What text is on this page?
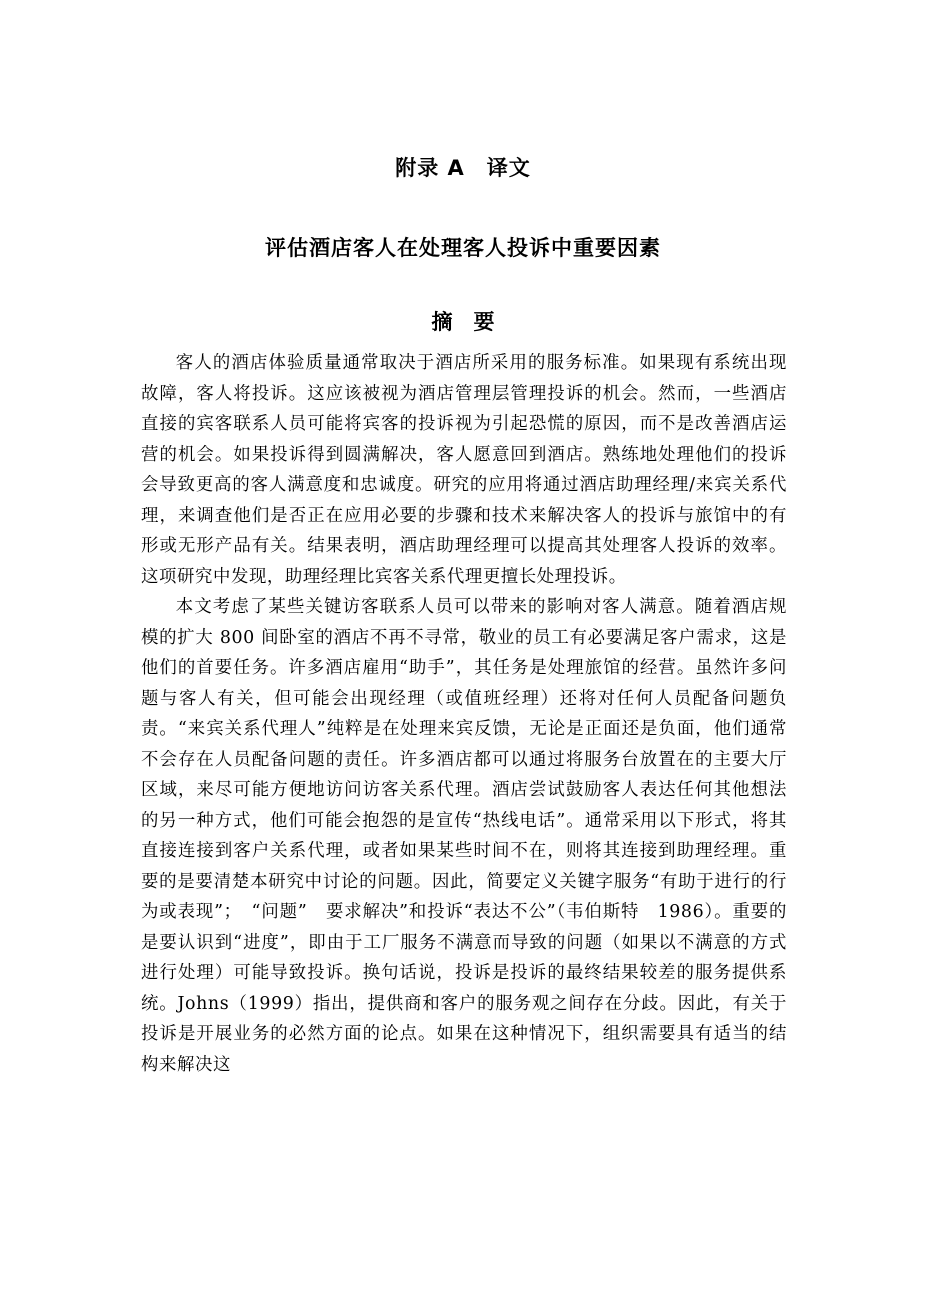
附录 A　译文
评估酒店客人在处理客人投诉中重要因素
摘　要

客人的酒店体验质量通常取决于酒店所采用的服务标准。如果现有系统出现故障，客人将投诉。这应该被视为酒店管理层管理投诉的机会。然而，一些酒店直接的宾客联系人员可能将宾客的投诉视为引起恐慌的原因，而不是改善酒店运营的机会。如果投诉得到圆满解决，客人愿意回到酒店。熟练地处理他们的投诉会导致更高的客人满意度和忠诚度。研究的应用将通过酒店助理经理/来宾关系代理，来调查他们是否正在应用必要的步骤和技术来解决客人的投诉与旅馆中的有形或无形产品有关。结果表明，酒店助理经理可以提高其处理客人投诉的效率。这项研究中发现，助理经理比宾客关系代理更擅长处理投诉。

本文考虑了某些关键访客联系人员可以带来的影响对客人满意。随着酒店规模的扩大 800 间卧室的酒店不再不寻常，敬业的员工有必要满足客户需求，这是他们的首要任务。许多酒店雇用“助手”，其任务是处理旅馆的经营。虽然许多问题与客人有关，但可能会出现经理（或值班经理）还将对任何人员配备问题负责。“来宾关系代理人”纯粹是在处理来宾反馈，无论是正面还是负面，他们通常不会存在人员配备问题的责任。许多酒店都可以通过将服务台放置在的主要大厅区域，来尽可能方便地访问访客关系代理。酒店尝试鼓励客人表达任何其他想法的另一种方式，他们可能会抱怨的是宣传“热线电话”。通常采用以下形式，将其直接连接到客户关系代理，或者如果某些时间不在，则将其连接到助理经理。重要的是要清楚本研究中讨论的问题。因此，简要定义关键字服务“有助于进行的行为或表现”；　“问题”　要求解决”和投诉“表达不公”（韦伯斯特　1986）。重要的是要认识到“进度”，即由于工厂服务不满意而导致的问题（如果以不满意的方式进行处理）可能导致投诉。换句话说，投诉是投诉的最终结果较差的服务提供系统。Johns（1999）指出，提供商和客户的服务观之间存在分歧。因此，有关于投诉是开展业务的必然方面的论点。如果在这种情况下，组织需要具有适当的结构来解决这
